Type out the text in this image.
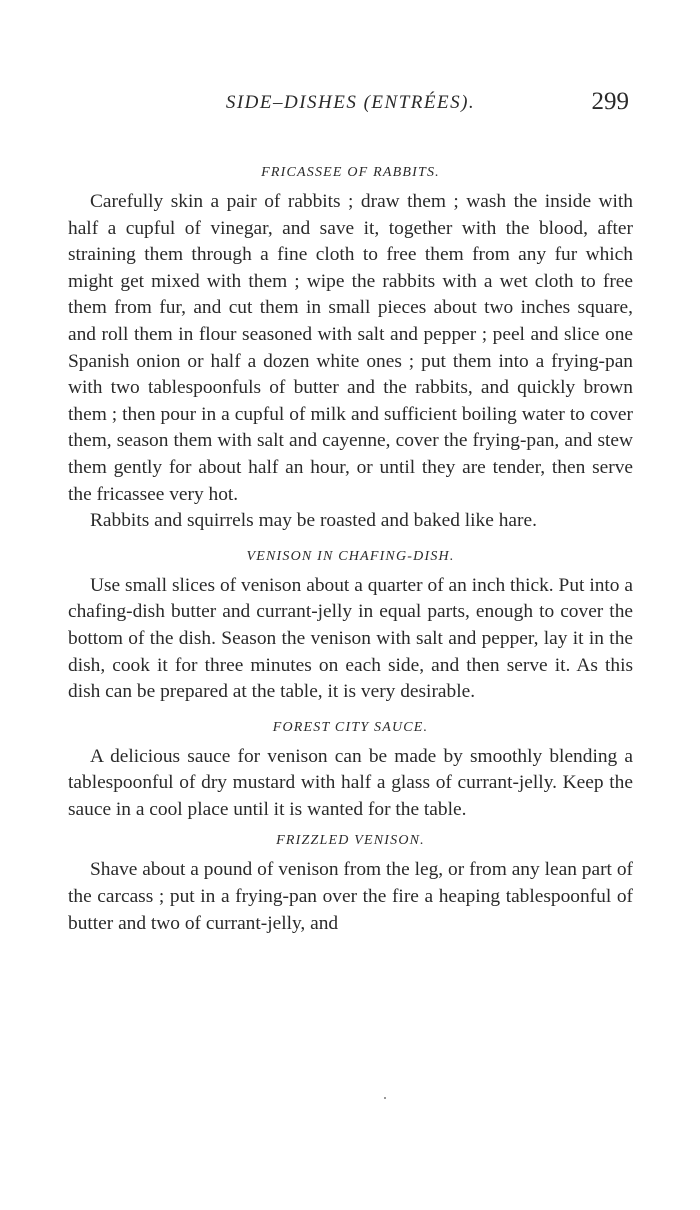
SIDE–DISHES (ENTRÉES).	299
FRICASSEE OF RABBITS.

Carefully skin a pair of rabbits ; draw them ; wash the inside with half a cupful of vinegar, and save it, together with the blood, after straining them through a fine cloth to free them from any fur which might get mixed with them ; wipe the rabbits with a wet cloth to free them from fur, and cut them in small pieces about two inches square, and roll them in flour seasoned with salt and pepper ; peel and slice one Spanish onion or half a dozen white ones ; put them into a frying-pan with two tablespoonfuls of butter and the rabbits, and quickly brown them ; then pour in a cupful of milk and sufficient boiling water to cover them, season them with salt and cayenne, cover the frying-pan, and stew them gently for about half an hour, or until they are tender, then serve the fricassee very hot.

Rabbits and squirrels may be roasted and baked like hare.

VENISON IN CHAFING-DISH.

Use small slices of venison about a quarter of an inch thick. Put into a chafing-dish butter and currant-jelly in equal parts, enough to cover the bottom of the dish. Season the venison with salt and pepper, lay it in the dish, cook it for three minutes on each side, and then serve it. As this dish can be prepared at the table, it is very desirable.

FOREST CITY SAUCE.

A delicious sauce for venison can be made by smoothly blending a tablespoonful of dry mustard with half a glass of currant-jelly. Keep the sauce in a cool place until it is wanted for the table.

FRIZZLED VENISON.

Shave about a pound of venison from the leg, or from any lean part of the carcass ; put in a frying-pan over the fire a heaping tablespoonful of butter and two of currant-jelly, and
